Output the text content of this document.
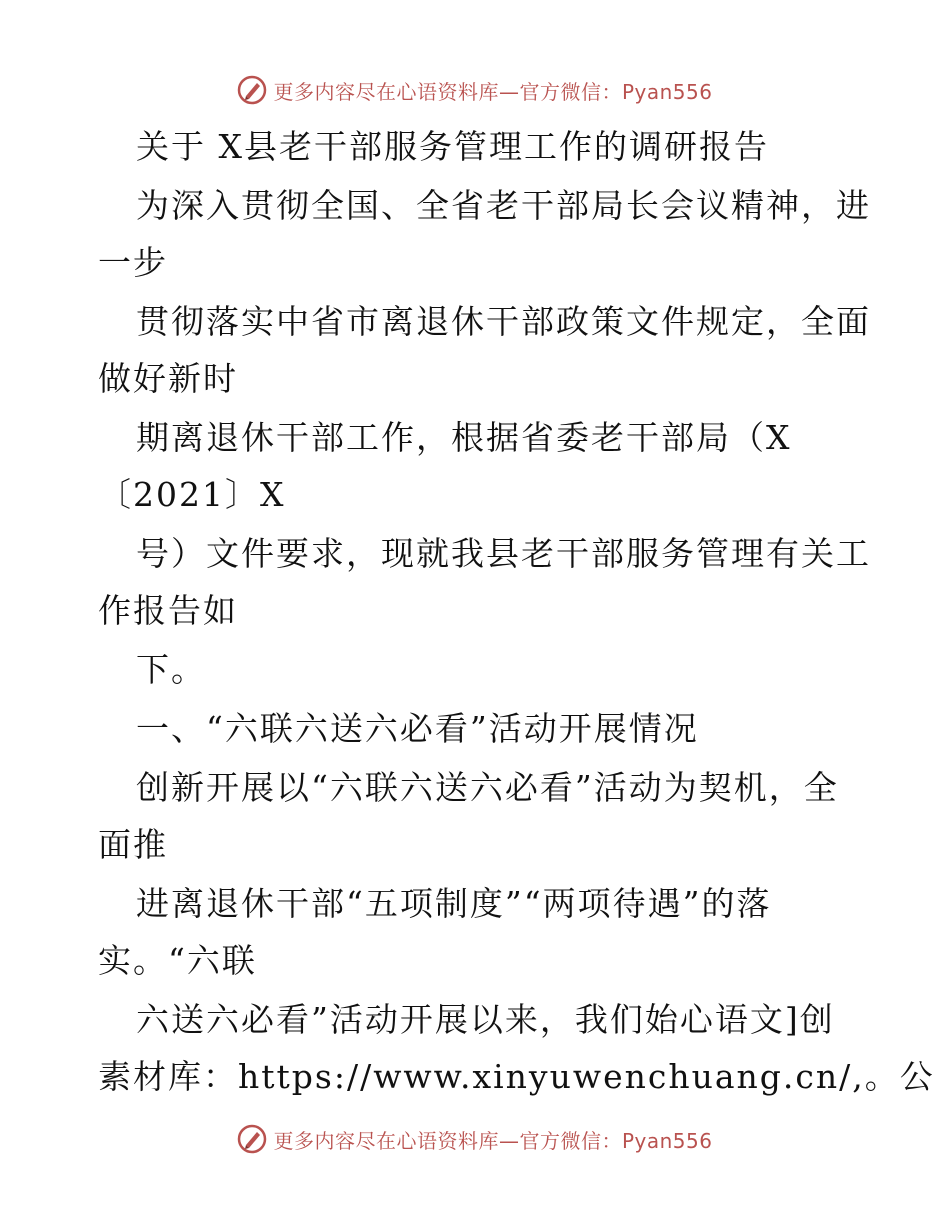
更多内容尽在心语资料库—官方微信：Pyan556
关于 X县老干部服务管理工作的调研报告
为深入贯彻全国、全省老干部局长会议精神，进
一步
贯彻落实中省市离退休干部政策文件规定，全面
做好新时
期离退休干部工作，根据省委老干部局（X
〔2021〕X
号）文件要求，现就我县老干部服务管理有关工
作报告如
下。
一、“六联六送六必看”活动开展情况
创新开展以“六联六送六必看”活动为契机，全
面推
进离退休干部“五项制度”“两项待遇”的落
实。“六联
六送六必看”活动开展以来，我们始心语文]创
素材库：https://www.xinyuwenchuang.cn/,。公
更多内容尽在心语资料库—官方微信：Pyan556
